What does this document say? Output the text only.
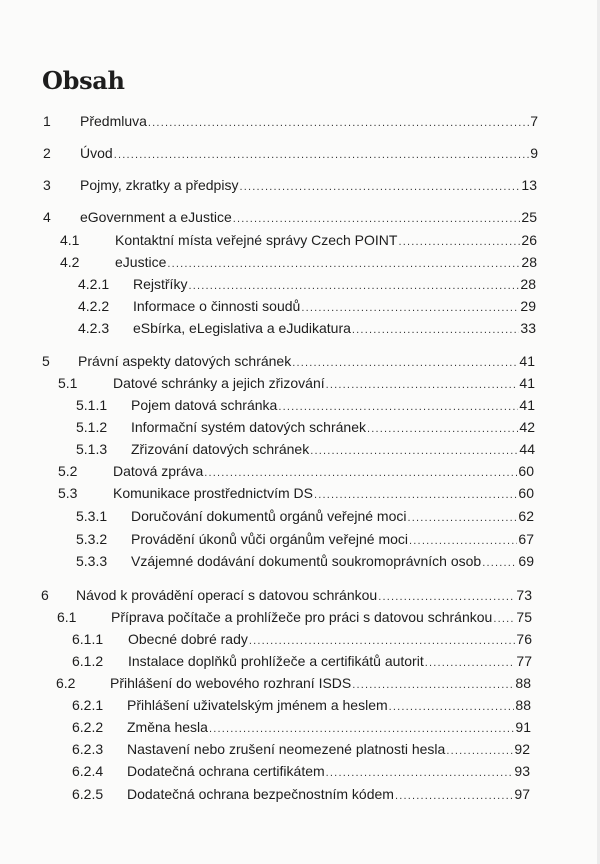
Obsah
1 Předmluva .....	7
2 Úvod .....	9
3 Pojmy, zkratky a předpisy .....	13
4 eGovernment a eJustice .....	25
4.1	Kontaktní místa veřejné správy Czech POINT .....	26
4.2	eJustice .....	28
4.2.1 Rejstříky .....	28
4.2.2 Informace o činnosti soudů .....	29
4.2.3 eSbírka, eLegislativa a eJudikatura .....	33
5 Právní aspekty datových schránek .....	41
5.1	Datové schránky a jejich zřizování .....	41
5.1.1 Pojem datová schránka .....	41
5.1.2 Informační systém datových schránek .....	42
5.1.3 Zřizování datových schránek .....	44
5.2	Datová zpráva .....	60
5.3	Komunikace prostřednictvím DS .....	60
5.3.1 Doručování dokumentů orgánů veřejné moci .....	62
5.3.2 Provádění úkonů vůči orgánům veřejné moci .....	67
5.3.3 Vzájemné dodávání dokumentů soukromoprávních osob .....	69
6 Návod k provádění operací s datovou schránkou .....	73
6.1 Příprava počítače a prohlížeče pro práci s datovou schránkou ..... 75
6.1.1 Obecné dobré rady .....	76
6.1.2 Instalace doplňků prohlížeče a certifikátů autorit .....	77
6.2 Přihlášení do webového rozhraní ISDS .....	88
6.2.1 Přihlášení uživatelským jménem a heslem .....	88
6.2.2 Změna hesla .....	91
6.2.3 Nastavení nebo zrušení neomezené platnosti hesla .....	92
6.2.4 Dodatečná ochrana certifikátem .....	93
6.2.5 Dodatečná ochrana bezpečnostním kódem .....	97
